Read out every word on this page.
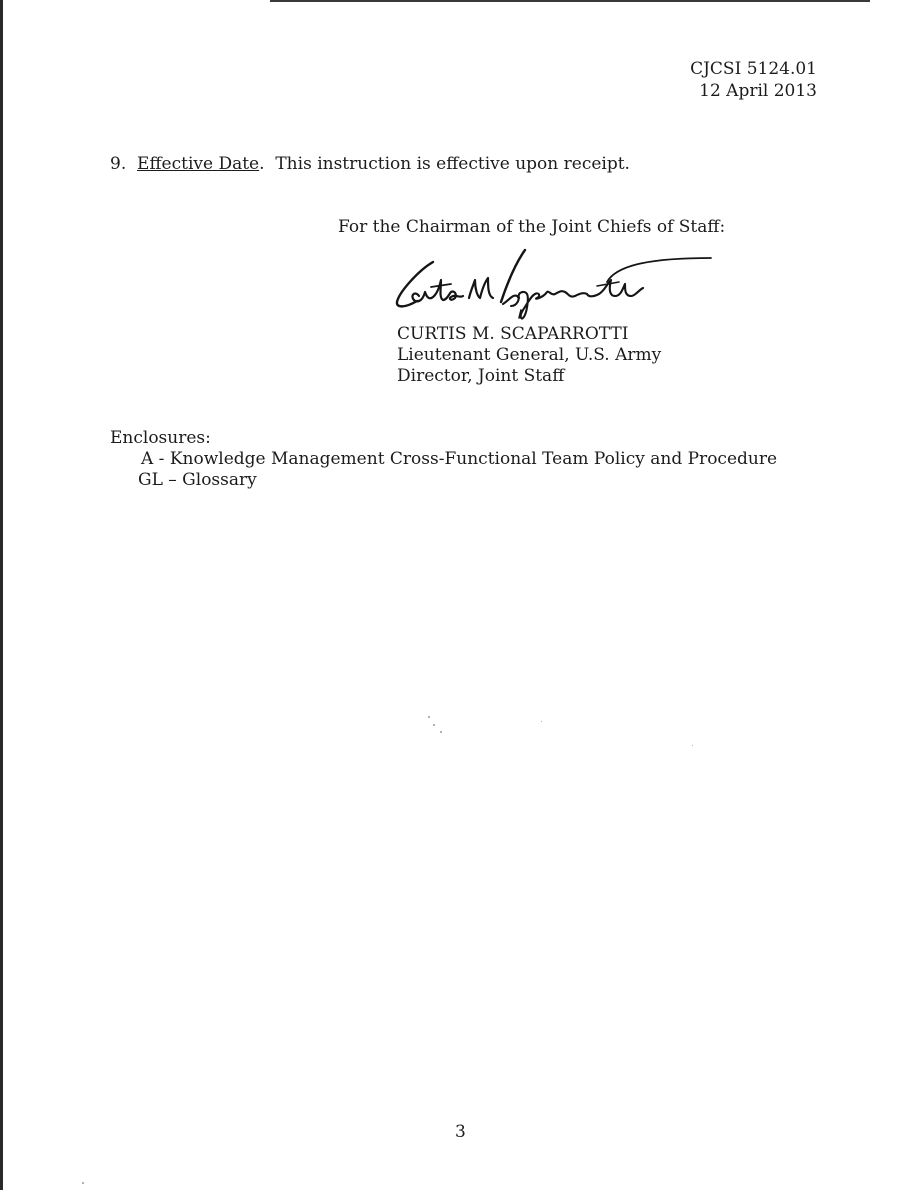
CJCSI 5124.01
12 April 2013
9. Effective Date. This instruction is effective upon receipt.
For the Chairman of the Joint Chiefs of Staff:
CURTIS M. SCAPARROTTI
Lieutenant General, U.S. Army
Director, Joint Staff
Enclosures:
A - Knowledge Management Cross-Functional Team Policy and Procedure
GL – Glossary
3
